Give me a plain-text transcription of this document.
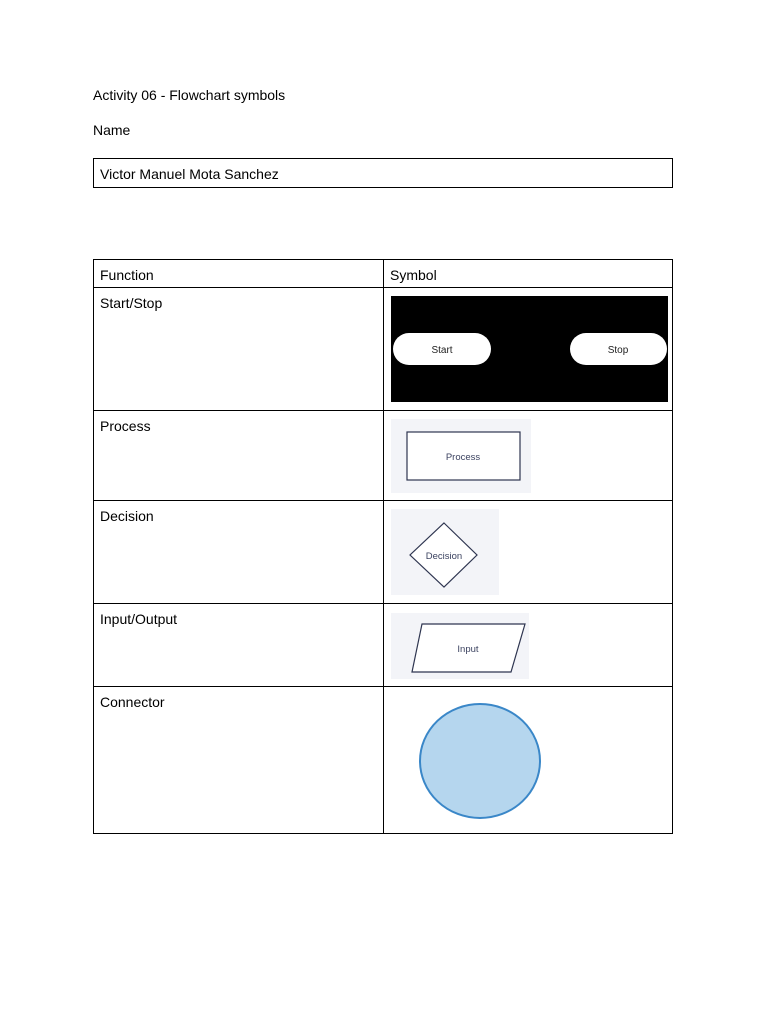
Activity 06 - Flowchart symbols
Name
Victor Manuel Mota Sanchez
Function	Symbol

Start/Stop	Start Stop

Process	Process

Decision	Decision

Input/Output	Input

Connector
